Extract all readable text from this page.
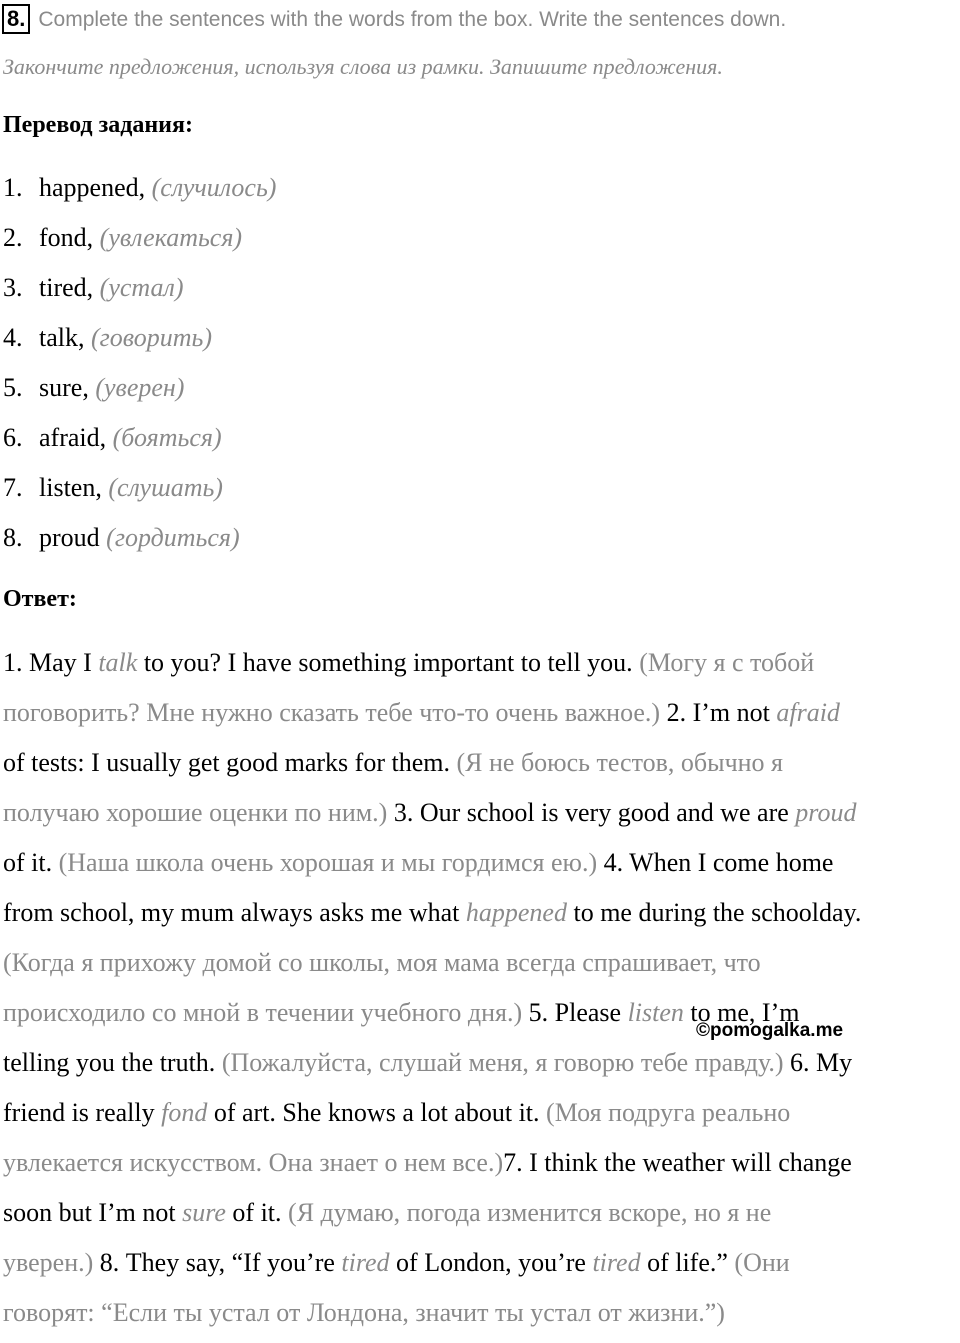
8. Complete the sentences with the words from the box. Write the sentences down.
Закончите предложения, используя слова из рамки. Запишите предложения.
Перевод задания:
1. happened, (случилось)
2. fond, (увлекаться)
3. tired, (устал)
4. talk, (говорить)
5. sure, (уверен)
6. afraid, (бояться)
7. listen, (слушать)
8. proud (гордиться)
Ответ:
1. May I talk to you? I have something important to tell you. (Могу я с тобой
поговорить? Мне нужно сказать тебе что-то очень важное.) 2. I’m not afraid
of tests: I usually get good marks for them. (Я не боюсь тестов, обычно я
получаю хорошие оценки по ним.) 3. Our school is very good and we are proud
of it. (Наша школа очень хорошая и мы гордимся ею.) 4. When I come home
from school, my mum always asks me what happened to me during the schoolday.
(Когда я прихожу домой со школы, моя мама всегда спрашивает, что
происходило со мной в течении учебного дня.) 5. Please listen to me, I’m
telling you the truth. (Пожалуйста, слушай меня, я говорю тебе правду.) 6. My
friend is really fond of art. She knows a lot about it. (Моя подруга реально
увлекается искусством. Она знает о нем все.)7. I think the weather will change
soon but I’m not sure of it. (Я думаю, погода изменится вскоре, но я не
уверен.) 8. They say, “If you’re tired of London, you’re tired of life.” (Они
говорят: “Если ты устал от Лондона, значит ты устал от жизни.”)
©pomogalka.me
